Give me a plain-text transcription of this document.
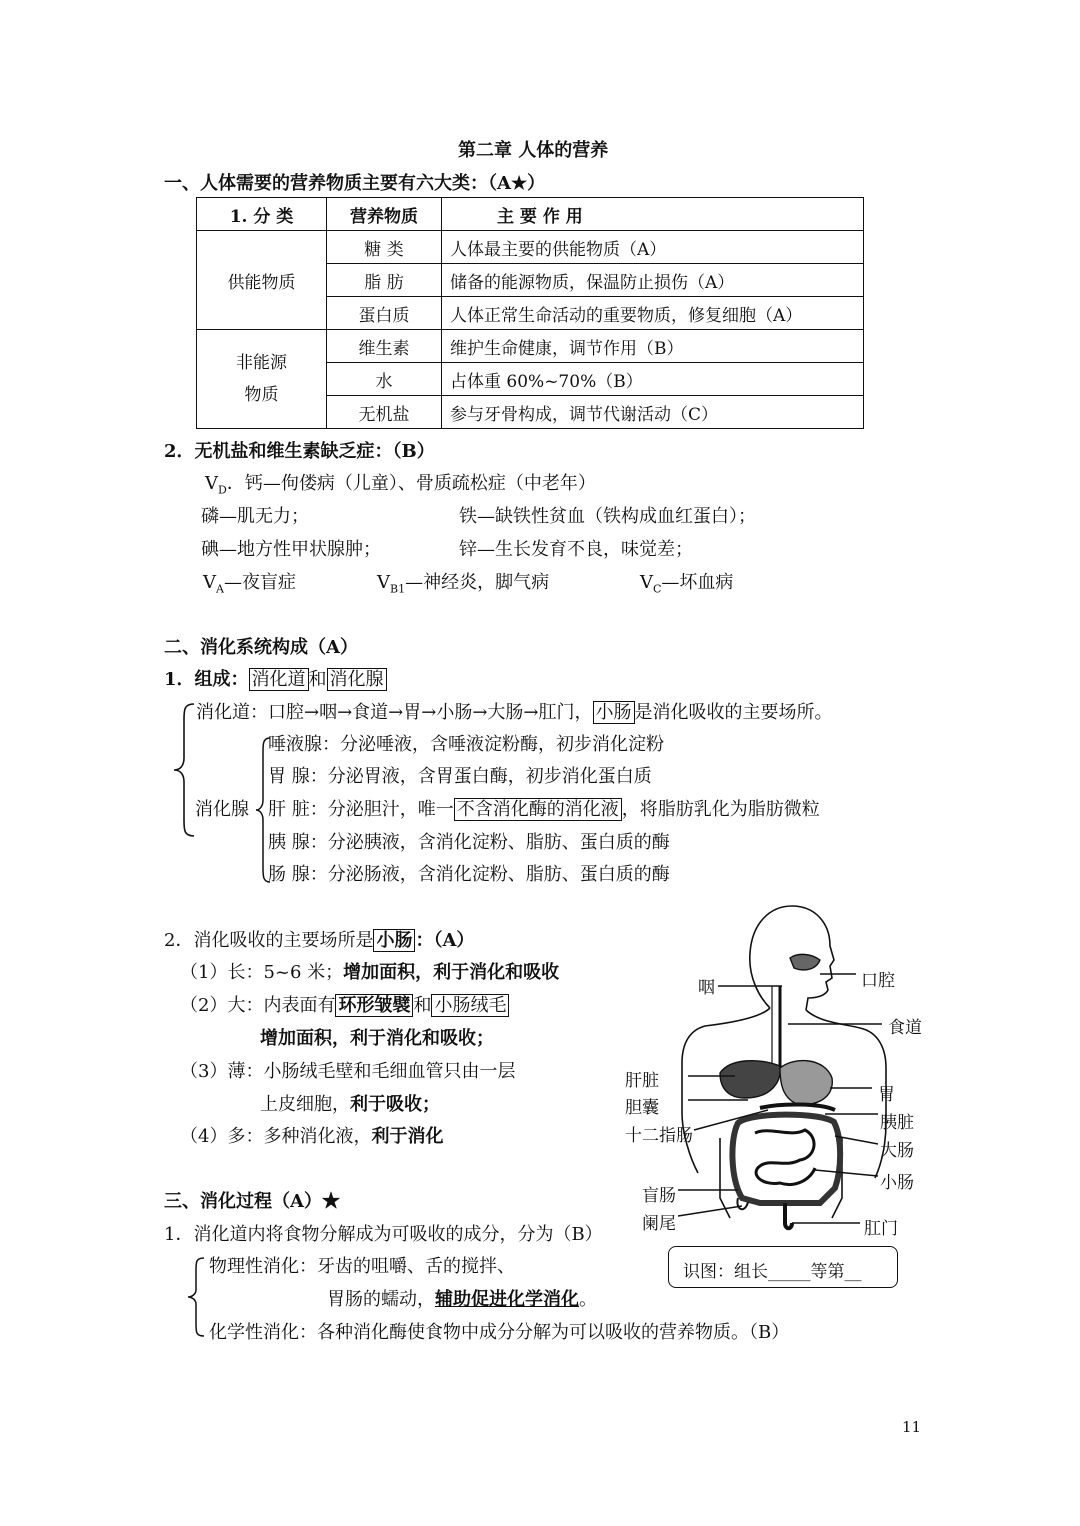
第二章 人体的营养
一、人体需要的营养物质主要有六大类：（A★）
1. 分 类	营养物质	主 要 作 用
供能物质	糖 类	人体最主要的供能物质（A）
	脂 肪	储备的能源物质，保温防止损伤（A）
	蛋白质	人体正常生命活动的重要物质，修复细胞（A）

非能源
物质	维生素	维护生命健康，调节作用（B）
	水	占体重 60%~70%（B）
	无机盐	参与牙骨构成，调节代谢活动（C）
2．无机盐和维生素缺乏症：（B）
$V_D$．钙—佝偻病（儿童）、骨质疏松症（中老年）
磷—肌无力；	铁—缺铁性贫血（铁构成血红蛋白）；
碘—地方性甲状腺肿；	锌—生长发育不良，味觉差；
$V_A—$夜盲症	$V_{B1}—$神经炎，脚气病	$V_C—$坏血病
二、消化系统构成（A）
1．组成： 消化道 和 消化腺
消化道：口腔→咽→食道→胃→小肠→大肠→肛门， 小肠 是消化吸收的主要场所。
消化腺
唾液腺：分泌唾液，含唾液淀粉酶，初步消化淀粉
胃 腺：分泌胃液，含胃蛋白酶，初步消化蛋白质
肝 脏：分泌胆汁，唯一 不含消化酶的消化液 ，将脂肪乳化为脂肪微粒
胰 腺：分泌胰液，含消化淀粉、脂肪、蛋白质的酶
肠 腺：分泌肠液，含消化淀粉、脂肪、蛋白质的酶
2．消化吸收的主要场所是 小肠 ：（A）
（1）长：5~6 米；增加面积，利于消化和吸收
（2）大：内表面有 环形皱襞 和 小肠绒毛
增加面积，利于消化和吸收；
（3）薄：小肠绒毛壁和毛细血管只由一层
上皮细胞，利于吸收；
（4）多：多种消化液，利于消化
咽	口腔
食道
肝脏
胆囊
十二指肠
胃
胰脏
大肠
小肠
盲肠
阑尾	肛门
识图：组长_____等第__
三、消化过程（A）★
1．消化道内将食物分解成为可吸收的成分，分为（B）
物理性消化：牙齿的咀嚼、舌的搅拌、
胃肠的蠕动，辅助促进化学消化。
化学性消化：各种消化酶使食物中成分分解为可以吸收的营养物质。（B）
11
